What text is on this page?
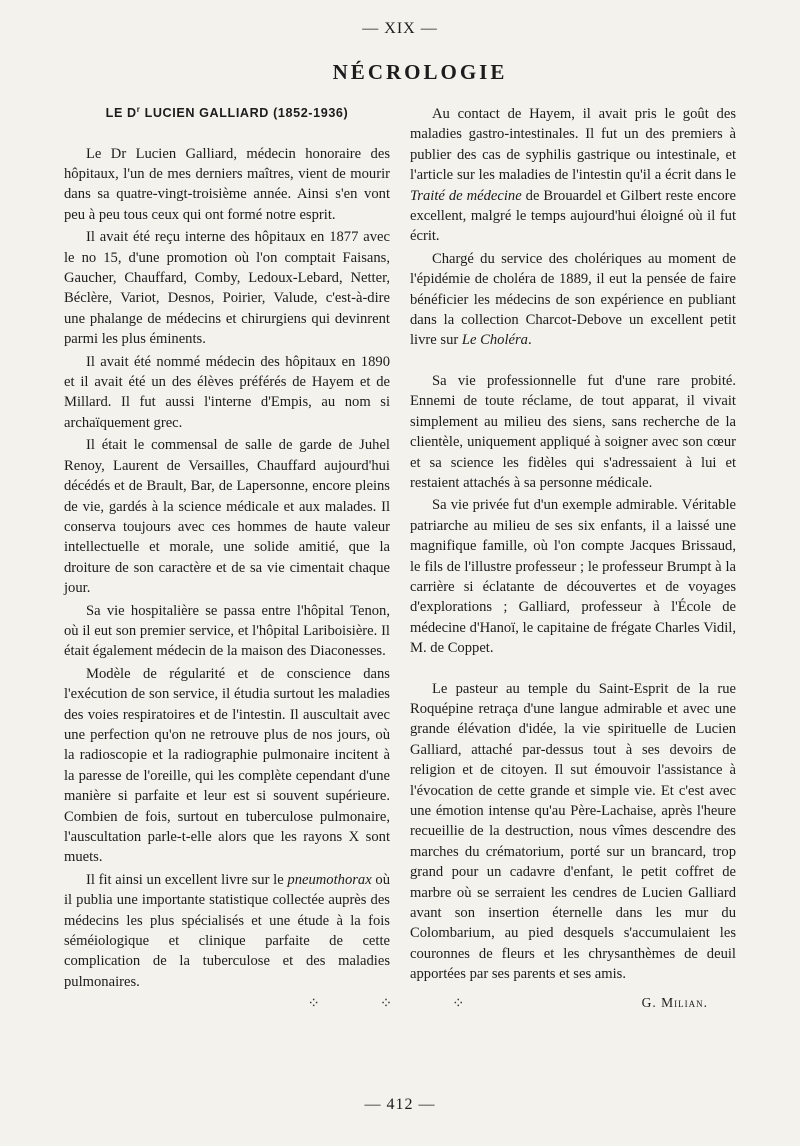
— XIX —
NÉCROLOGIE
LE $D^r$ LUCIEN GALLIARD (1852-1936)

Le Dr Lucien Galliard, médecin honoraire des hôpitaux, l'un de mes derniers maîtres, vient de mourir dans sa quatre-vingt-troisième année. Ainsi s'en vont peu à peu tous ceux qui ont formé notre esprit.

Il avait été reçu interne des hôpitaux en 1877 avec le no 15, d'une promotion où l'on comptait Faisans, Gaucher, Chauffard, Comby, Ledoux-Lebard, Netter, Béclère, Variot, Desnos, Poirier, Valude, c'est-à-dire une phalange de médecins et chirurgiens qui devinrent parmi les plus éminents.

Il avait été nommé médecin des hôpitaux en 1890 et il avait été un des élèves préférés de Hayem et de Millard. Il fut aussi l'interne d'Empis, au nom si archaïquement grec.

Il était le commensal de salle de garde de Juhel Renoy, Laurent de Versailles, Chauffard aujourd'hui décédés et de Brault, Bar, de Lapersonne, encore pleins de vie, gardés à la science médicale et aux malades. Il conserva toujours avec ces hommes de haute valeur intellectuelle et morale, une solide amitié, que la droiture de son caractère et de sa vie cimentait chaque jour.

Sa vie hospitalière se passa entre l'hôpital Tenon, où il eut son premier service, et l'hôpital Lariboisière. Il était également médecin de la maison des Diaconesses.

Modèle de régularité et de conscience dans l'exécution de son service, il étudia surtout les maladies des voies respiratoires et de l'intestin. Il auscultait avec une perfection qu'on ne retrouve plus de nos jours, où la radioscopie et la radiographie pulmonaire incitent à la paresse de l'oreille, qui les complète cependant d'une manière si parfaite et leur est si souvent supérieure. Combien de fois, surtout en tuberculose pulmonaire, l'auscultation parle-t-elle alors que les rayons X sont muets.

Il fit ainsi un excellent livre sur le pneumothorax où il publia une importante statistique collectée auprès des médecins les plus spécialisés et une étude à la fois séméiologique et clinique parfaite de cette complication de la tuberculose et des maladies pulmonaires.

Au contact de Hayem, il avait pris le goût des maladies gastro-intestinales. Il fut un des premiers à publier des cas de syphilis gastrique ou intestinale, et l'article sur les maladies de l'intestin qu'il a écrit dans le Traité de médecine de Brouardel et Gilbert reste encore excellent, malgré le temps aujourd'hui éloigné où il fut écrit.

Chargé du service des cholériques au moment de l'épidémie de choléra de 1889, il eut la pensée de faire bénéficier les médecins de son expérience en publiant dans la collection Charcot-Debove un excellent petit livre sur Le Choléra.

Sa vie professionnelle fut d'une rare probité. Ennemi de toute réclame, de tout apparat, il vivait simplement au milieu des siens, sans recherche de la clientèle, uniquement appliqué à soigner avec son cœur et sa science les fidèles qui s'adressaient à lui et restaient attachés à sa personne médicale.

Sa vie privée fut d'un exemple admirable. Véritable patriarche au milieu de ses six enfants, il a laissé une magnifique famille, où l'on compte Jacques Brissaud, le fils de l'illustre professeur ; le professeur Brumpt à la carrière si éclatante de découvertes et de voyages d'explorations ; Galliard, professeur à l'École de médecine d'Hanoï, le capitaine de frégate Charles Vidil, M. de Coppet.

Le pasteur au temple du Saint-Esprit de la rue Roquépine retraça d'une langue admirable et avec une grande élévation d'idée, la vie spirituelle de Lucien Galliard, attaché par-dessus tout à ses devoirs de religion et de citoyen. Il sut émouvoir l'assistance à l'évocation de cette grande et simple vie. Et c'est avec une émotion intense qu'au Père-Lachaise, après l'heure recueillie de la destruction, nous vîmes descendre des marches du crématorium, porté sur un brancard, trop grand pour un cadavre d'enfant, le petit coffret de marbre où se serraient les cendres de Lucien Galliard avant son insertion éternelle dans les mur du Colombarium, au pied desquels s'accumulaient les couronnes de fleurs et les chrysanthèmes de deuil apportées par ses parents et ses amis.

G. Milian.
⁘ ⁘ ⁘
— 412 —
